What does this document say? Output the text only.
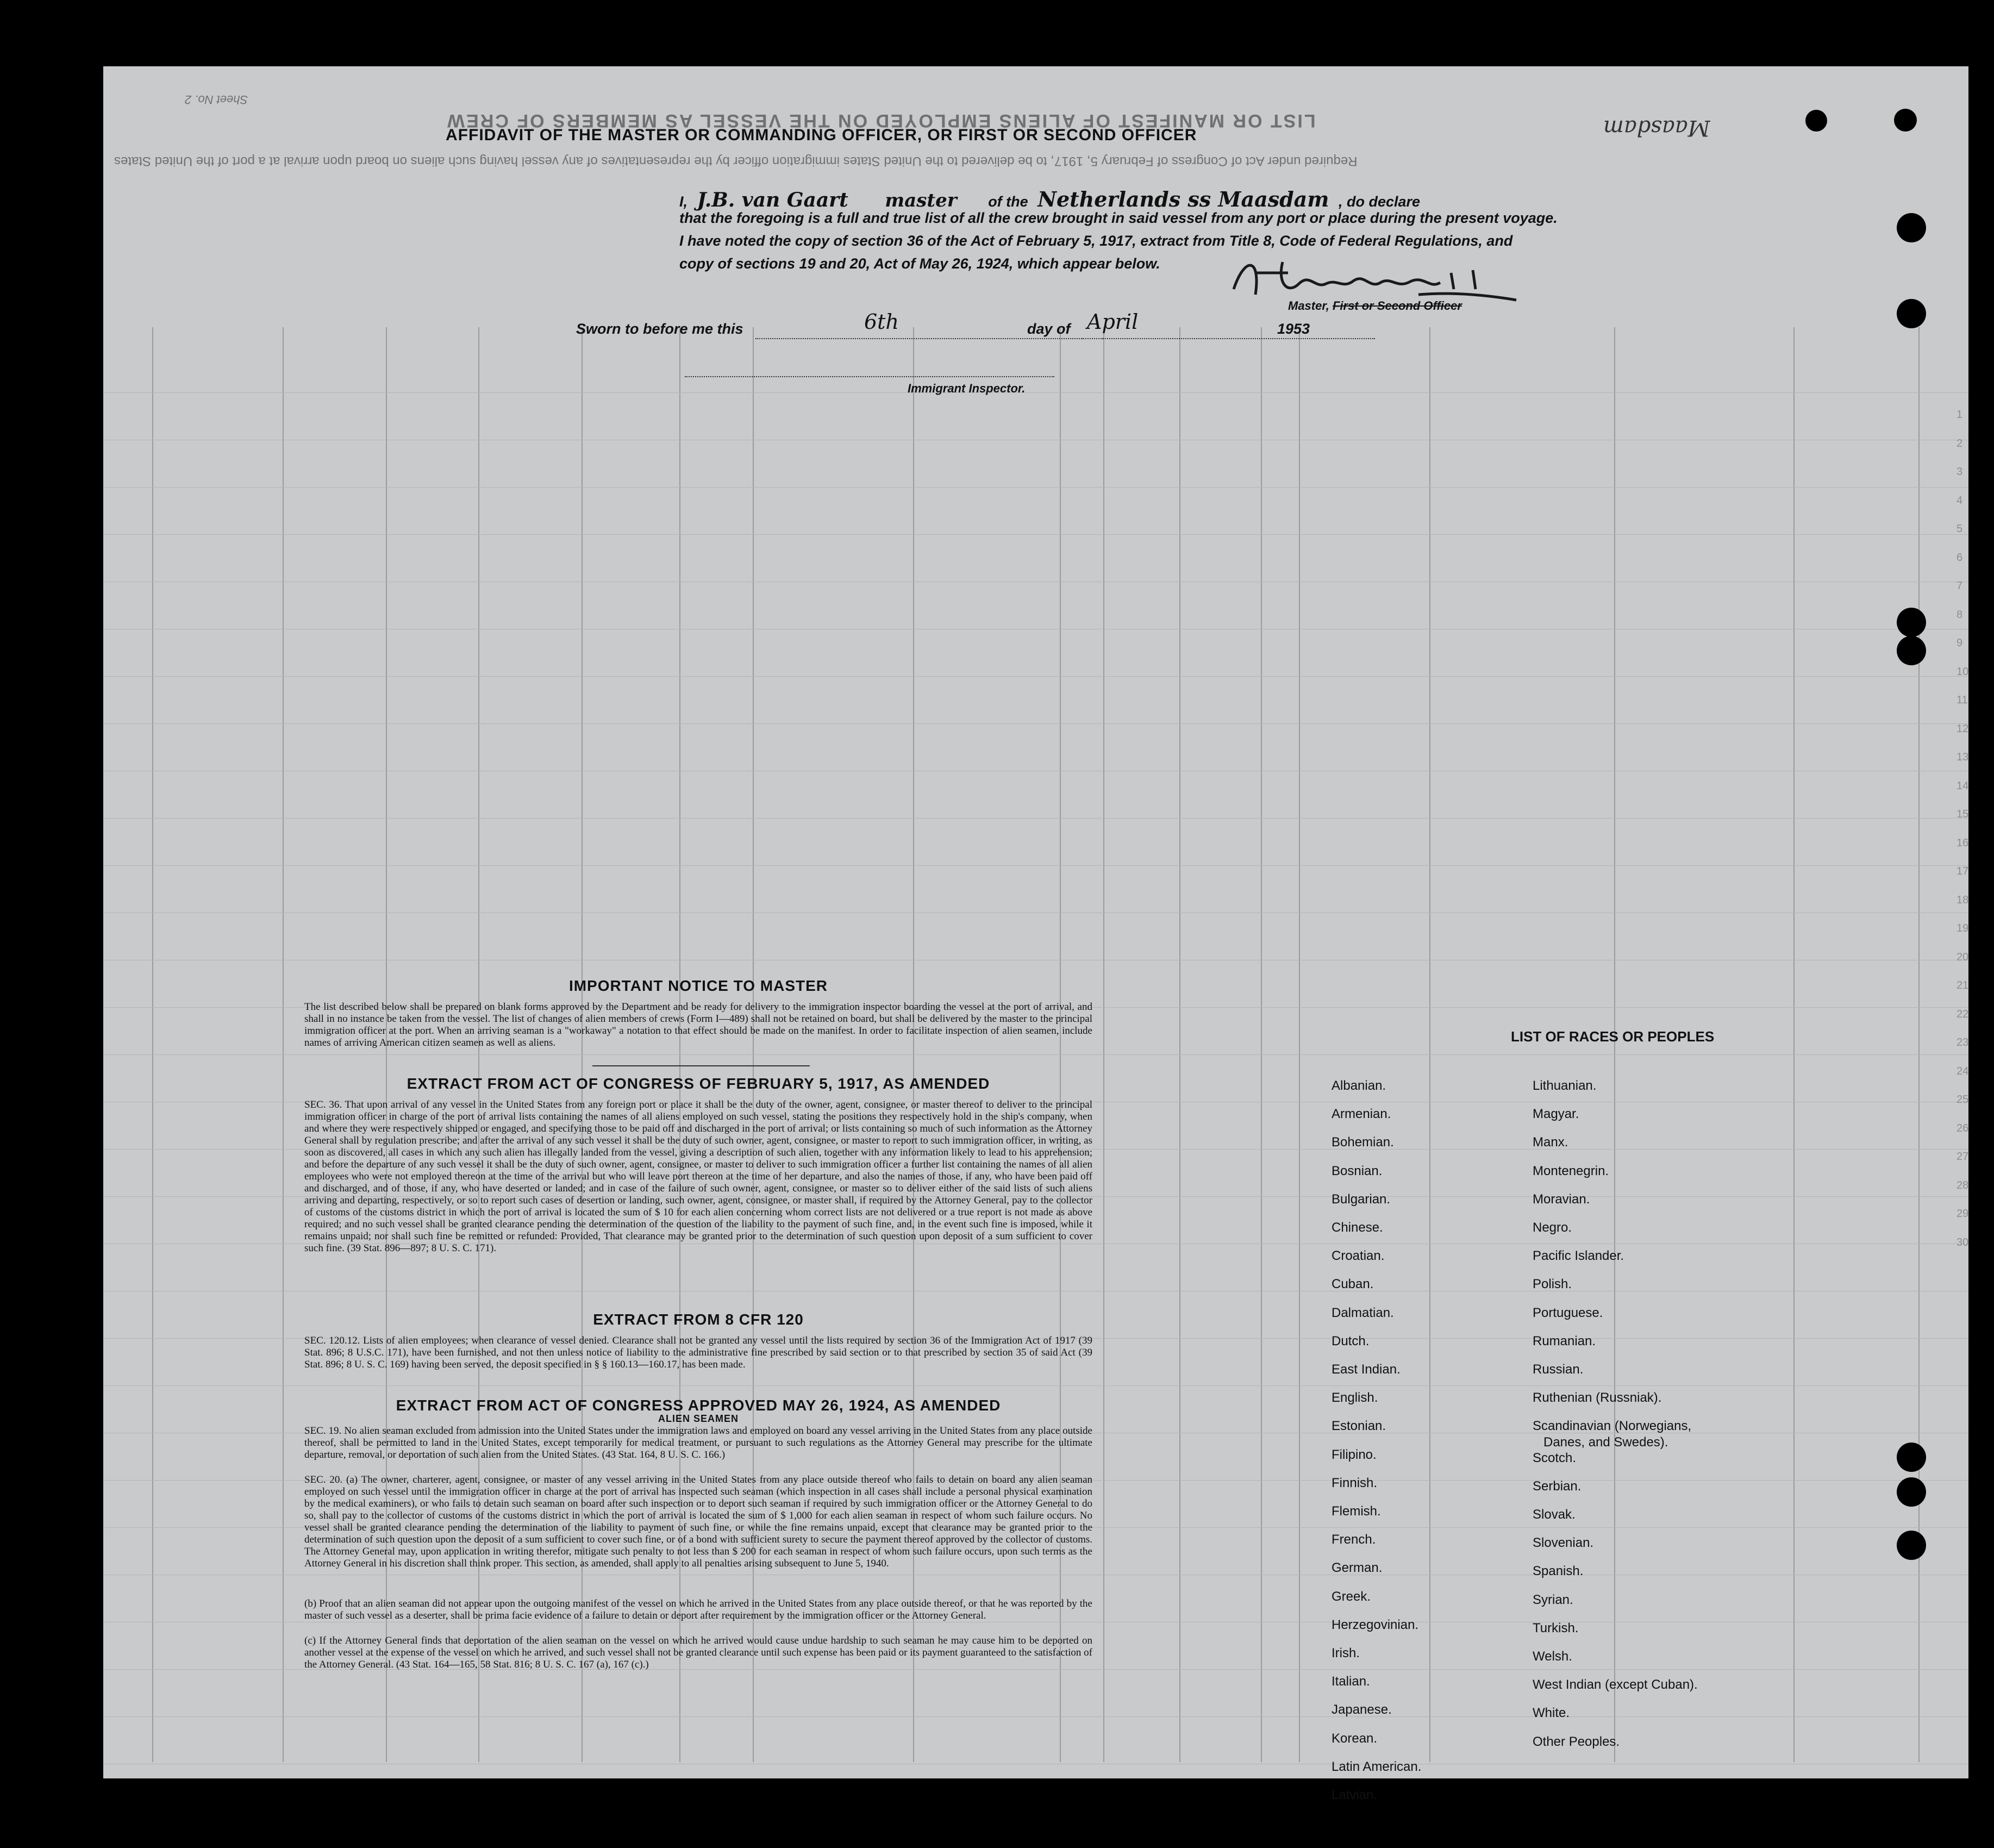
1
2
3
4
5
6
7
8
9
10
11
12
13
14
15
16
17
18
19
20
21
22
23
24
25
26
27
28
29
30
LIST OR MANIFEST OF ALIENS EMPLOYED ON THE VESSEL AS MEMBERS OF CREW
Required under Act of Congress of February 5, 1917, to be delivered to the United States immigration officer by the representatives of any vessel having such aliens on board upon arrival at a port of the United States
Sheet No. 2
Maasdam
AFFIDAVIT OF THE MASTER OR COMMANDING OFFICER, OR FIRST OR SECOND OFFICER
I, J.B. van Gaart master of the Netherlands ss Maasdam , do declare
that the foregoing is a full and true list of all the crew brought in said vessel from any port or place during the present voyage.
I have noted the copy of section 36 of the Act of February 5, 1917, extract from Title 8, Code of Federal Regulations, and
copy of sections 19 and 20, Act of May 26, 1924, which appear below.
Master, First or Second Officer
Sworn to before me this	6th	day of April	1953
Immigrant Inspector.
IMPORTANT NOTICE TO MASTER
The list described below shall be prepared on blank forms approved by the Department and be ready for delivery to the immigration inspector boarding the vessel at the port of arrival, and shall in no instance be taken from the vessel. The list of changes of alien members of crews (Form I—489) shall not be retained on board, but shall be delivered by the master to the principal immigration officer at the port. When an arriving seaman is a "workaway" a notation to that effect should be made on the manifest. In order to facilitate inspection of alien seamen, include names of arriving American citizen seamen as well as aliens.
EXTRACT FROM ACT OF CONGRESS OF FEBRUARY 5, 1917, AS AMENDED
SEC. 36. That upon arrival of any vessel in the United States from any foreign port or place it shall be the duty of the owner, agent, consignee, or master thereof to deliver to the principal immigration officer in charge of the port of arrival lists containing the names of all aliens employed on such vessel, stating the positions they respectively hold in the ship's company, when and where they were respectively shipped or engaged, and specifying those to be paid off and discharged in the port of arrival; or lists containing so much of such information as the Attorney General shall by regulation prescribe; and after the arrival of any such vessel it shall be the duty of such owner, agent, consignee, or master to report to such immigration officer, in writing, as soon as discovered, all cases in which any such alien has illegally landed from the vessel, giving a description of such alien, together with any information likely to lead to his apprehension; and before the departure of any such vessel it shall be the duty of such owner, agent, consignee, or master to deliver to such immigration officer a further list containing the names of all alien employees who were not employed thereon at the time of the arrival but who will leave port thereon at the time of her departure, and also the names of those, if any, who have been paid off and discharged, and of those, if any, who have deserted or landed; and in case of the failure of such owner, agent, consignee, or master so to deliver either of the said lists of such aliens arriving and departing, respectively, or so to report such cases of desertion or landing, such owner, agent, consignee, or master shall, if required by the Attorney General, pay to the collector of customs of the customs district in which the port of arrival is located the sum of $ 10 for each alien concerning whom correct lists are not delivered or a true report is not made as above required; and no such vessel shall be granted clearance pending the determination of the question of the liability to the payment of such fine, and, in the event such fine is imposed, while it remains unpaid; nor shall such fine be remitted or refunded: Provided, That clearance may be granted prior to the determination of such question upon deposit of a sum sufficient to cover such fine. (39 Stat. 896—897; 8 U. S. C. 171).
EXTRACT FROM 8 CFR 120
SEC. 120.12. Lists of alien employees; when clearance of vessel denied. Clearance shall not be granted any vessel until the lists required by section 36 of the Immigration Act of 1917 (39 Stat. 896; 8 U.S.C. 171), have been furnished, and not then unless notice of liability to the administrative fine prescribed by said section or to that prescribed by section 35 of said Act (39 Stat. 896; 8 U. S. C. 169) having been served, the deposit specified in § § 160.13—160.17, has been made.
EXTRACT FROM ACT OF CONGRESS APPROVED MAY 26, 1924, AS AMENDED
ALIEN SEAMEN
SEC. 19. No alien seaman excluded from admission into the United States under the immigration laws and employed on board any vessel arriving in the United States from any place outside thereof, shall be permitted to land in the United States, except temporarily for medical treatment, or pursuant to such regulations as the Attorney General may prescribe for the ultimate departure, removal, or deportation of such alien from the United States. (43 Stat. 164, 8 U. S. C. 166.)
SEC. 20. (a) The owner, charterer, agent, consignee, or master of any vessel arriving in the United States from any place outside thereof who fails to detain on board any alien seaman employed on such vessel until the immigration officer in charge at the port of arrival has inspected such seaman (which inspection in all cases shall include a personal physical examination by the medical examiners), or who fails to detain such seaman on board after such inspection or to deport such seaman if required by such immigration officer or the Attorney General to do so, shall pay to the collector of customs of the customs district in which the port of arrival is located the sum of $ 1,000 for each alien seaman in respect of whom such failure occurs. No vessel shall be granted clearance pending the determination of the liability to payment of such fine, or while the fine remains unpaid, except that clearance may be granted prior to the determination of such question upon the deposit of a sum sufficient to cover such fine, or of a bond with sufficient surety to secure the payment thereof approved by the collector of customs. The Attorney General may, upon application in writing therefor, mitigate such penalty to not less than $ 200 for each seaman in respect of whom such failure occurs, upon such terms as the Attorney General in his discretion shall think proper. This section, as amended, shall apply to all penalties arising subsequent to June 5, 1940.
(b) Proof that an alien seaman did not appear upon the outgoing manifest of the vessel on which he arrived in the United States from any place outside thereof, or that he was reported by the master of such vessel as a deserter, shall be prima facie evidence of a failure to detain or deport after requirement by the immigration officer or the Attorney General.
(c) If the Attorney General finds that deportation of the alien seaman on the vessel on which he arrived would cause undue hardship to such seaman he may cause him to be deported on another vessel at the expense of the vessel on which he arrived, and such vessel shall not be granted clearance until such expense has been paid or its payment guaranteed to the satisfaction of the Attorney General. (43 Stat. 164—165, 58 Stat. 816; 8 U. S. C. 167 (a), 167 (c).)
LIST OF RACES OR PEOPLES
Albanian.
Armenian.
Bohemian.
Bosnian.
Bulgarian.
Chinese.
Croatian.
Cuban.
Dalmatian.
Dutch.
East Indian.
English.
Estonian.
Filipino.
Finnish.
Flemish.
French.
German.
Greek.
Herzegovinian.
Irish.
Italian.
Japanese.
Korean.
Latin American.
Latvian.
Lithuanian.
Magyar.
Manx.
Montenegrin.
Moravian.
Negro.
Pacific Islander.
Polish.
Portuguese.
Rumanian.
Russian.
Ruthenian (Russniak).
Scandinavian (Norwegians,
Danes, and Swedes).
Scotch.
Serbian.
Slovak.
Slovenian.
Spanish.
Syrian.
Turkish.
Welsh.
West Indian (except Cuban).
White.
Other Peoples.
